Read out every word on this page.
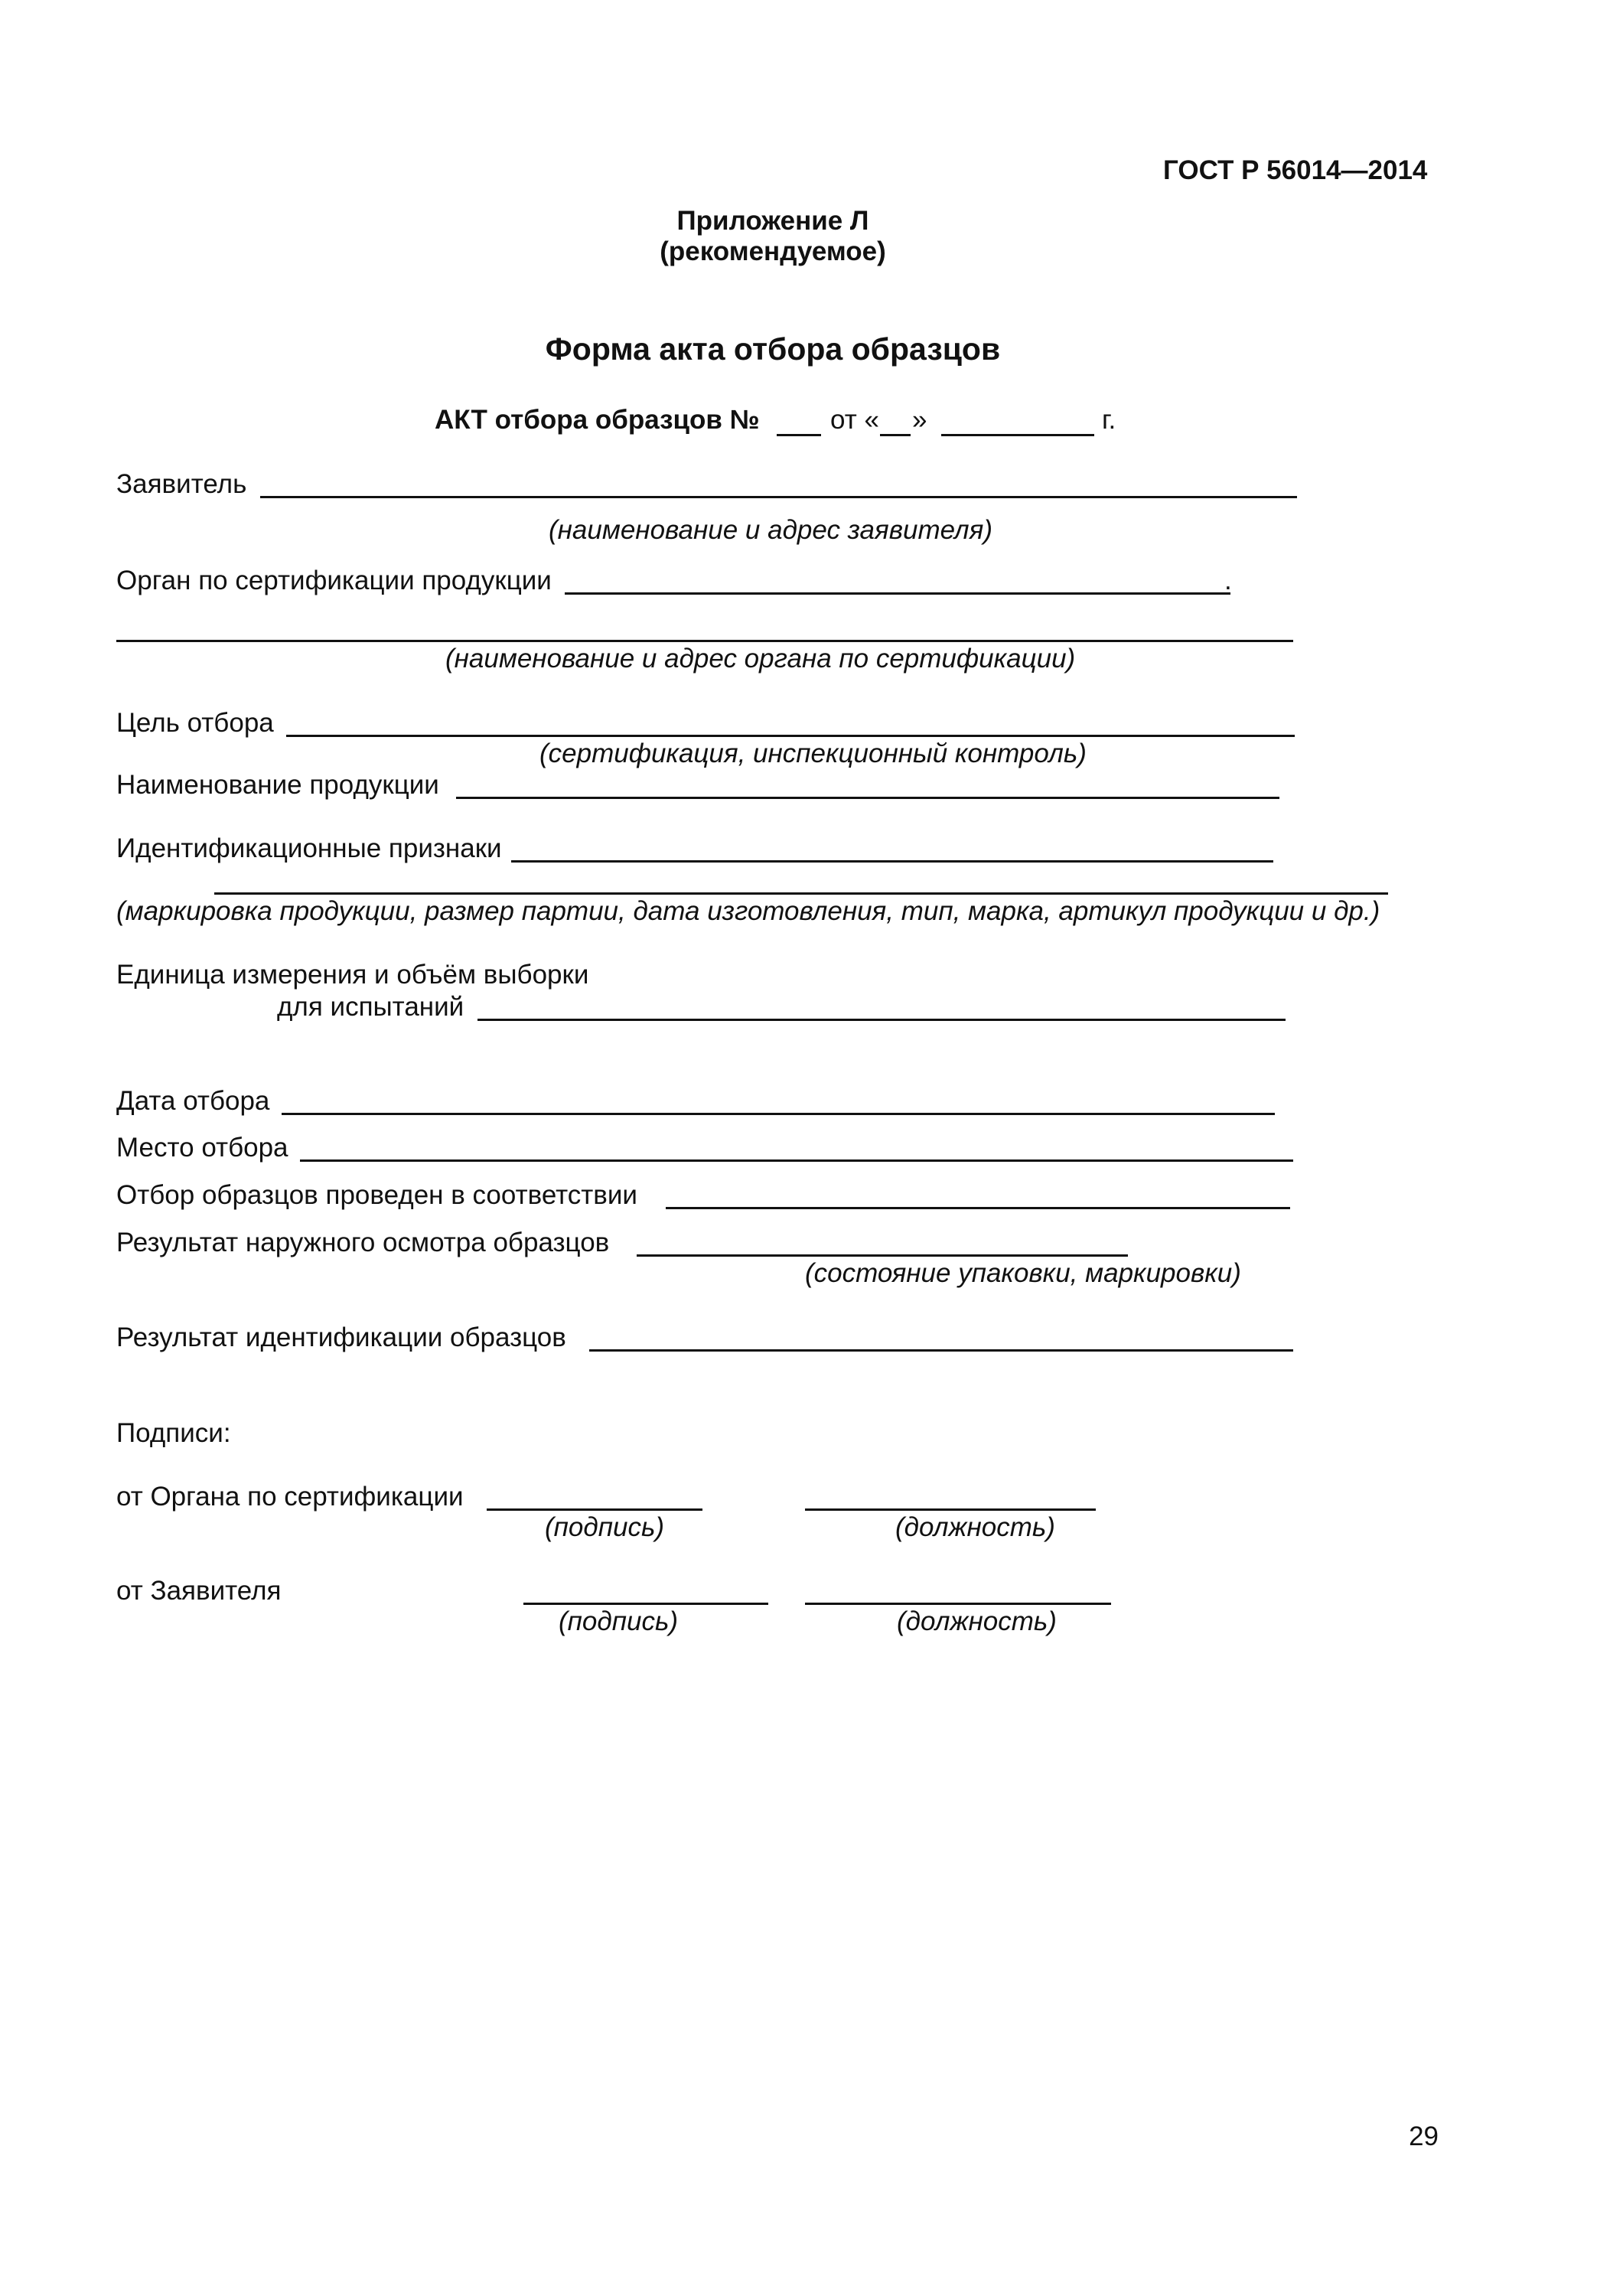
ГОСТ Р 56014—2014
Приложение Л
(рекомендуемое)
Форма акта отбора образцов
АКТ отбора образцов №	от « »	г.
Заявитель
(наименование и адрес заявителя)
Орган по сертификации продукции	.
(наименование и адрес органа по сертификации)
Цель отбора
(сертификация, инспекционный контроль)
Наименование продукции
Идентификационные признаки
(маркировка продукции, размер партии, дата изготовления, тип, марка, артикул продукции и др.)
Единица измерения и объём выборки
для испытаний
Дата отбора
Место отбора
Отбор образцов проведен в соответствии
Результат наружного осмотра образцов
(состояние упаковки, маркировки)
Результат идентификации образцов
Подписи:
от Органа по сертификации
(подпись)	(должность)
от Заявителя
(подпись)	(должность)
29
